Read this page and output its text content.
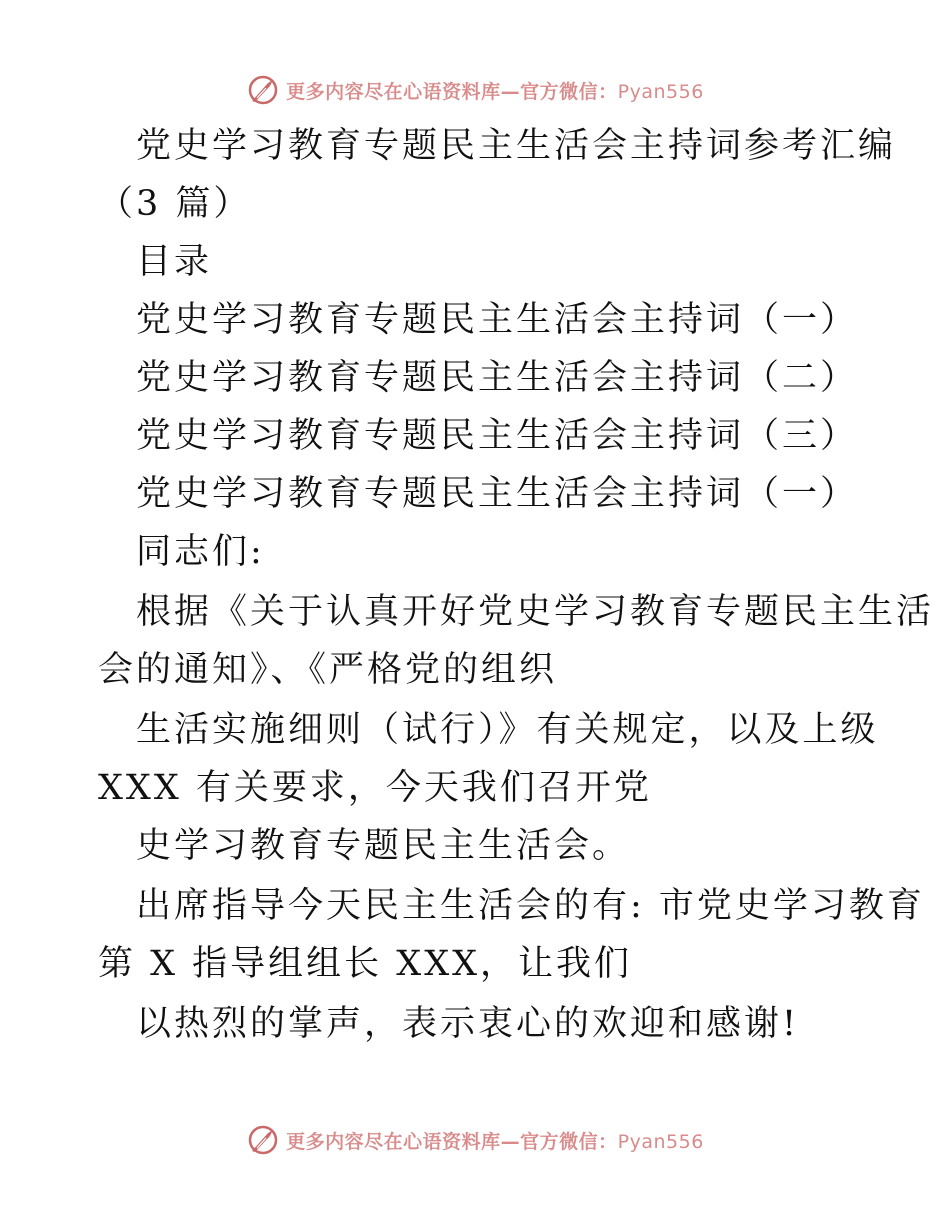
更多内容尽在心语资料库—官方微信：Pyan556
党史学习教育专题民主生活会主持词参考汇编
（3 篇）
目录
党史学习教育专题民主生活会主持词（一）
党史学习教育专题民主生活会主持词（二）
党史学习教育专题民主生活会主持词（三）
党史学习教育专题民主生活会主持词（一）
同志们:
根据《关于认真开好党史学习教育专题民主生活
会的通知》、《严格党的组织
生活实施细则（试行）》有关规定，以及上级
XXX 有关要求，今天我们召开党
史学习教育专题民主生活会。
出席指导今天民主生活会的有: 市党史学习教育
第 X 指导组组长 XXX，让我们
以热烈的掌声，表示衷心的欢迎和感谢!
更多内容尽在心语资料库—官方微信：Pyan556
